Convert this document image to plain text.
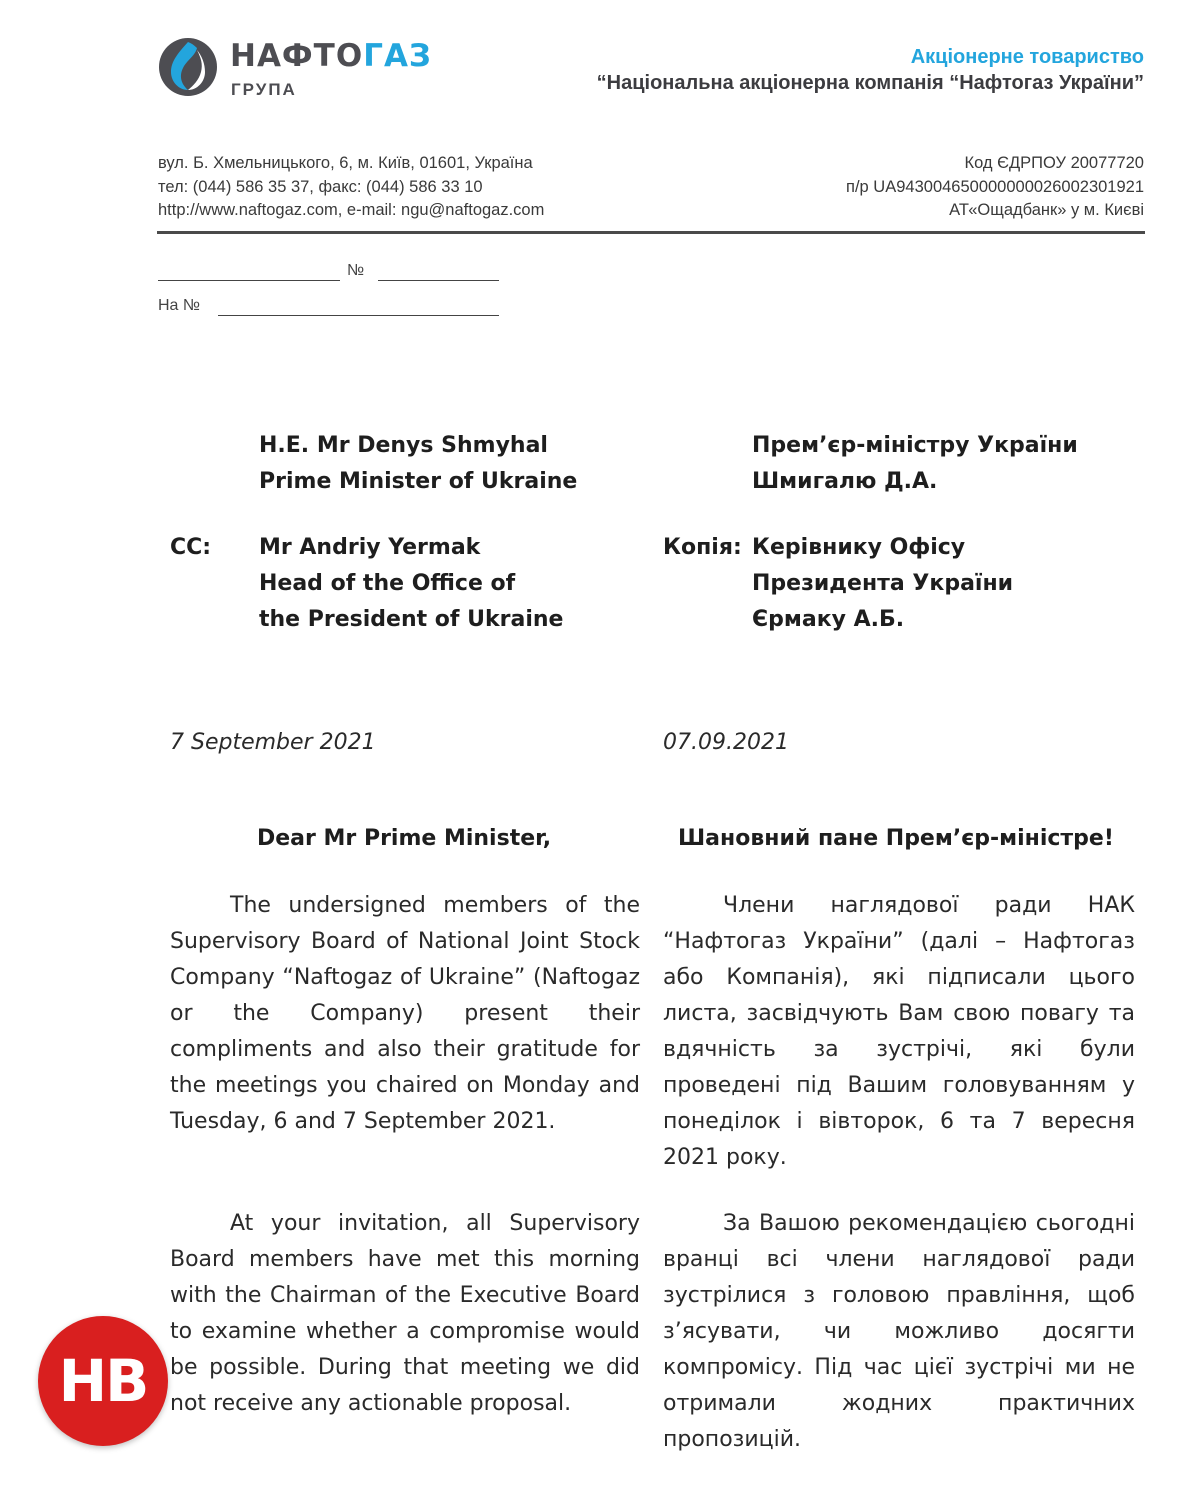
НАФТОГАЗ
ГРУПА
Акціонерне товариство
“Національна акціонерна компанія “Нафтогаз України”
вул. Б. Хмельницького, 6, м. Київ, 01601, Україна
тел: (044) 586 35 37, факс: (044) 586 33 10
http://www.naftogaz.com, e-mail: ngu@naftogaz.com
Код ЄДРПОУ 20077720
п/р UA943004650000000026002301921
АТ«Ощадбанк» у м. Києві
№
На №
H.E. Mr Denys Shmyhal
Prime Minister of Ukraine
Прем’єр-міністру України
Шмигалю Д.А.
CC: Mr Andriy Yermak
Head of the Office of
the President of Ukraine
Копія: Керівнику Офісу
Президента України
Єрмаку А.Б.
7 September 2021	07.09.2021
Dear Mr Prime Minister,	Шановний пане Прем’єр-міністре!

The undersigned members of the Supervisory Board of National Joint Stock Company “Naftogaz of Ukraine” (Naftogaz or the Company) present their compliments and also their gratitude for the meetings you chaired on Monday and Tuesday, 6 and 7 September 2021.

Члени наглядової ради НАК “Нафтогаз України” (далі – Нафтогаз або Компанія), які підписали цього листа, засвідчують Вам свою повагу та вдячність за зустрічі, які були проведені під Вашим головуванням у понеділок і вівторок, 6 та 7 вересня 2021 року.

At your invitation, all Supervisory Board members have met this morning with the Chairman of the Executive Board to examine whether a compromise would be possible. During that meeting we did not receive any actionable proposal.

За Вашою рекомендацією сьогодні вранці всі члени наглядової ради зустрілися з головою правління, щоб з’ясувати, чи можливо досягти компромісу. Під час цієї зустрічі ми не отримали жодних практичних пропозицій.

НВ
